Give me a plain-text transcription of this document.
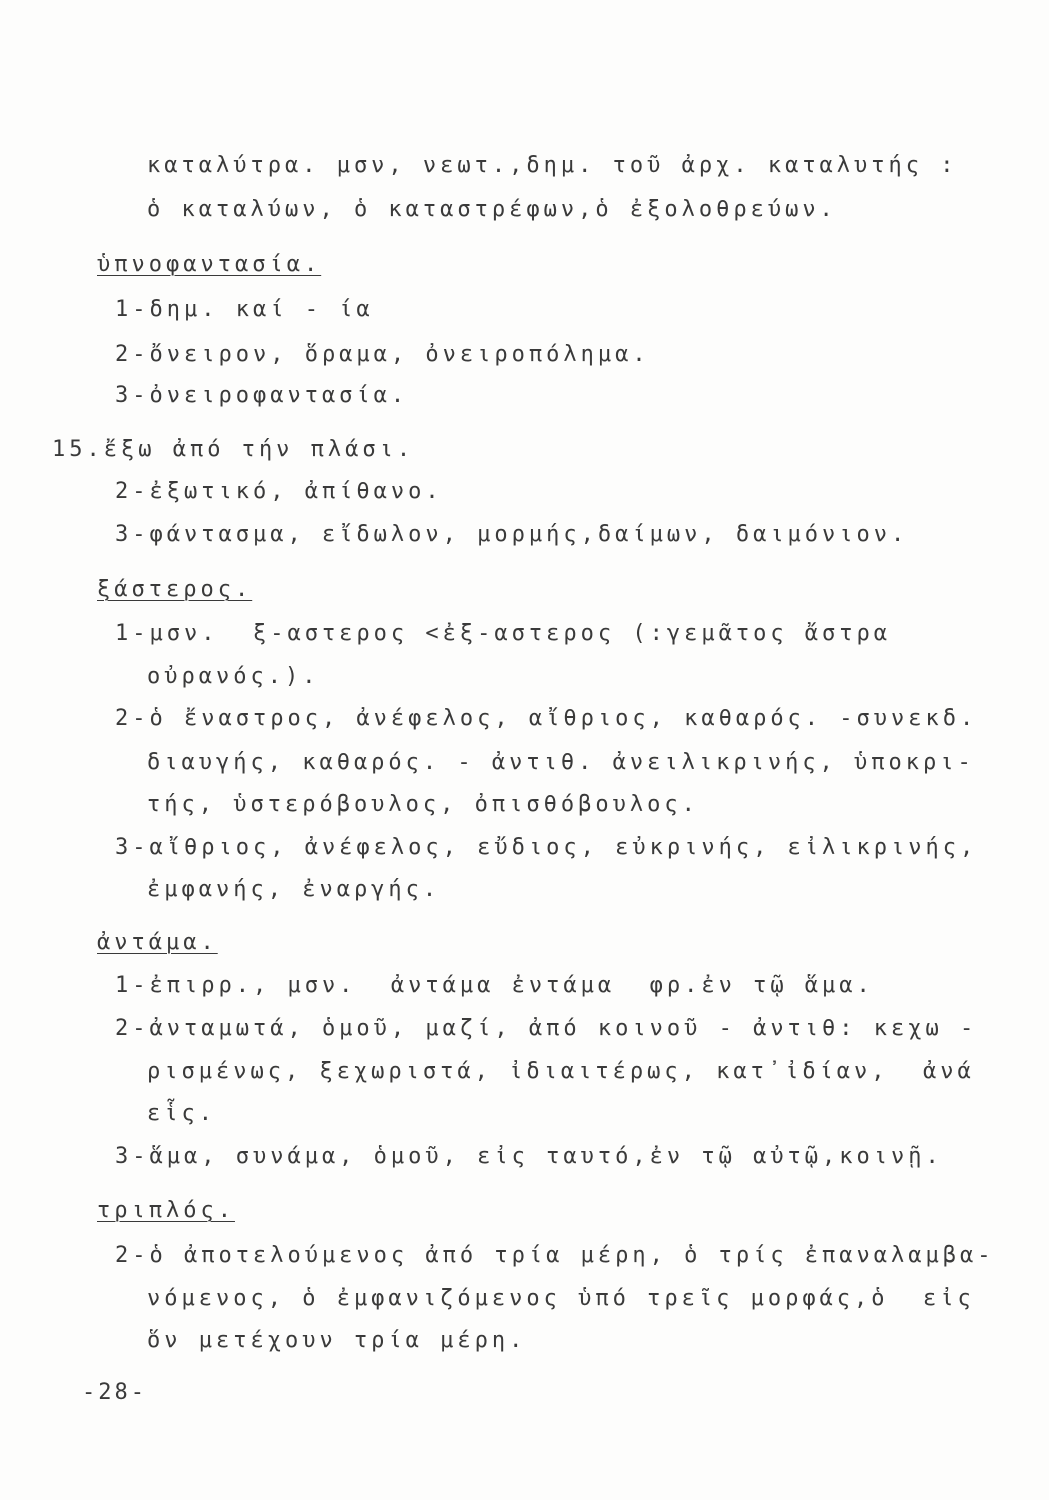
καταλύτρα. μσν, νεωτ.,δημ. τοῦ ἀρχ. καταλυτής :
ὁ καταλύων, ὁ καταστρέφων,ὁ ἐξολοθρεύων.
ὑπνοφαντασία.
1-δημ. καί - ία
2-ὄνειρον, ὅραμα, ὀνειροπόλημα.
3-ὀνειροφαντασία.
15.ἔξω ἀπό τήν πλάσι.
2-ἐξωτικό, ἀπίθανο.
3-φάντασμα, εἴδωλον, μορμής,δαίμων, δαιμόνιον.
ξάστερος.
1-μσν.  ξ-αστερος <ἐξ-αστερος (:γεμᾶτος ἄστρα
οὐρανός.).
2-ὁ ἔναστρος, ἀνέφελος, αἴθριος, καθαρός. -συνεκδ.
διαυγής, καθαρός. - ἀντιθ. ἀνειλικρινής, ὑποκρι-
τής, ὑστερόβουλος, ὀπισθόβουλος.
3-αἴθριος, ἀνέφελος, εὔδιος, εὐκρινής, εἰλικρινής,
ἐμφανής, ἐναργής.
ἀντάμα.
1-ἐπιρρ., μσν.  ἀντάμα ἐντάμα  φρ.ἐν τῷ ἅμα.
2-ἀνταμωτά, ὁμοῦ, μαζί, ἀπό κοινοῦ - ἀντιθ: κεχω -
ρισμένως, ξεχωριστά, ἰδιαιτέρως, κατ᾽ἰδίαν,  ἀνά
εἷς.
3-ἅμα, συνάμα, ὁμοῦ, εἰς ταυτό,ἐν τῷ αὐτῷ,κοινῇ.
τριπλός.
2-ὁ ἀποτελούμενος ἀπό τρία μέρη, ὁ τρίς ἐπαναλαμβα-
νόμενος, ὁ ἐμφανιζόμενος ὑπό τρεῖς μορφάς,ὁ  εἰς
ὅν μετέχουν τρία μέρη.
-28-
